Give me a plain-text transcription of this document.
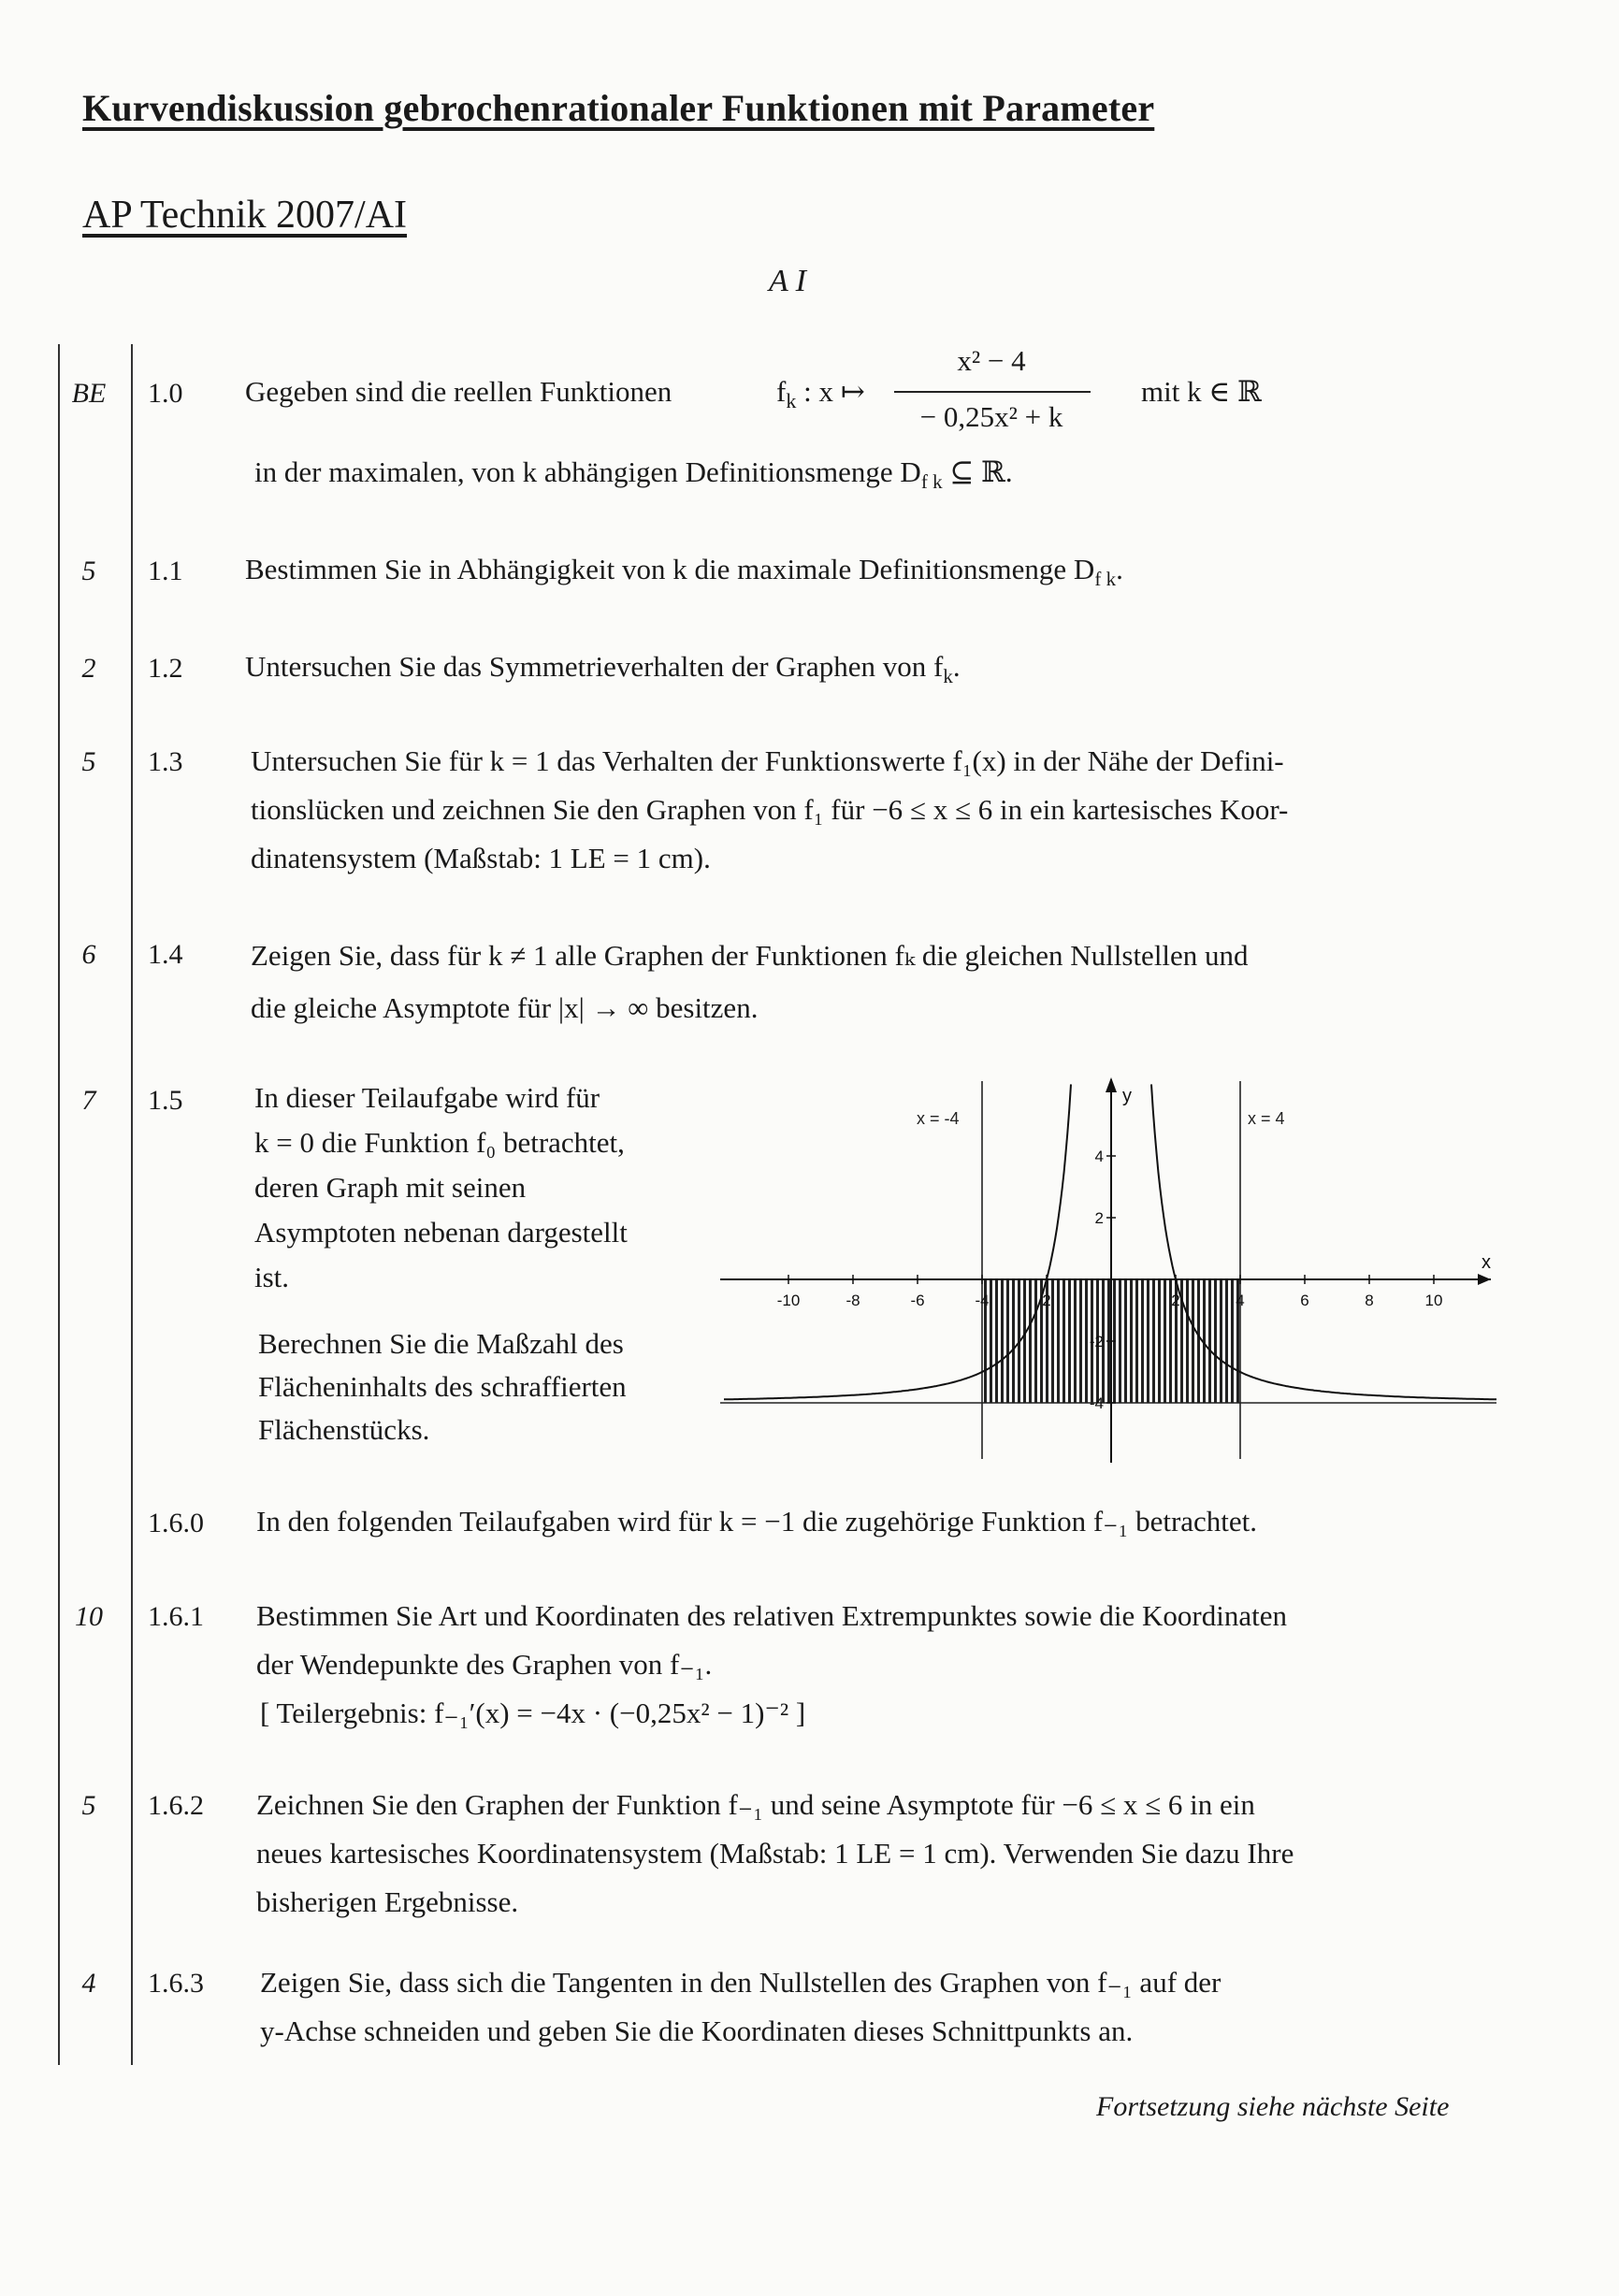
Kurvendiskussion gebrochenrationaler Funktionen mit Parameter
AP Technik 2007/AI
A I
BE 1.0 Gegeben sind die reellen Funktionen	$f_k$ : x ↦
x² − 4
− 0,25x² + k
mit k ∈ ℝ
in der maximalen, von k abhängigen Definitionsmenge $D_{f k}$ ⊆ ℝ.
5	1.1 Bestimmen Sie in Abhängigkeit von k die maximale Definitionsmenge $D_{f k}$.
2	1.2 Untersuchen Sie das Symmetrieverhalten der Graphen von $f_k$.
5	1.3 Untersuchen Sie für k = 1 das Verhalten der Funktionswerte f₁(x) in der Nähe der Defini-
tionslücken und zeichnen Sie den Graphen von f₁ für −6 ≤ x ≤ 6 in ein kartesisches Koor-
dinatensystem (Maßstab: 1 LE = 1 cm).
6	1.4 Zeigen Sie, dass für k ≠ 1 alle Graphen der Funktionen fₖ die gleichen Nullstellen und
die gleiche Asymptote für |x| → ∞ besitzen.
7	1.5 In dieser Teilaufgabe wird für
k = 0 die Funktion f₀ betrachtet,
deren Graph mit seinen
Asymptoten nebenan dargestellt
ist.
Berechnen Sie die Maßzahl des
Flächeninhalts des schraffierten
Flächenstücks.
x = -4	x = 4
x
y
-10	-8	-6	-4	2	2	4	6	8	10
-4
-2
2
4
1.6.0 In den folgenden Teilaufgaben wird für k = −1 die zugehörige Funktion f₋₁ betrachtet.
10 1.6.1 Bestimmen Sie Art und Koordinaten des relativen Extrempunktes sowie die Koordinaten
der Wendepunkte des Graphen von f₋₁.
[ Teilergebnis: f₋₁′(x) = −4x · (−0,25x² − 1)⁻² ]
5	1.6.2 Zeichnen Sie den Graphen der Funktion f₋₁ und seine Asymptote für −6 ≤ x ≤ 6 in ein
neues kartesisches Koordinatensystem (Maßstab: 1 LE = 1 cm). Verwenden Sie dazu Ihre
bisherigen Ergebnisse.
4	1.6.3 Zeigen Sie, dass sich die Tangenten in den Nullstellen des Graphen von f₋₁ auf der
y-Achse schneiden und geben Sie die Koordinaten dieses Schnittpunkts an.
Fortsetzung siehe nächste Seite
